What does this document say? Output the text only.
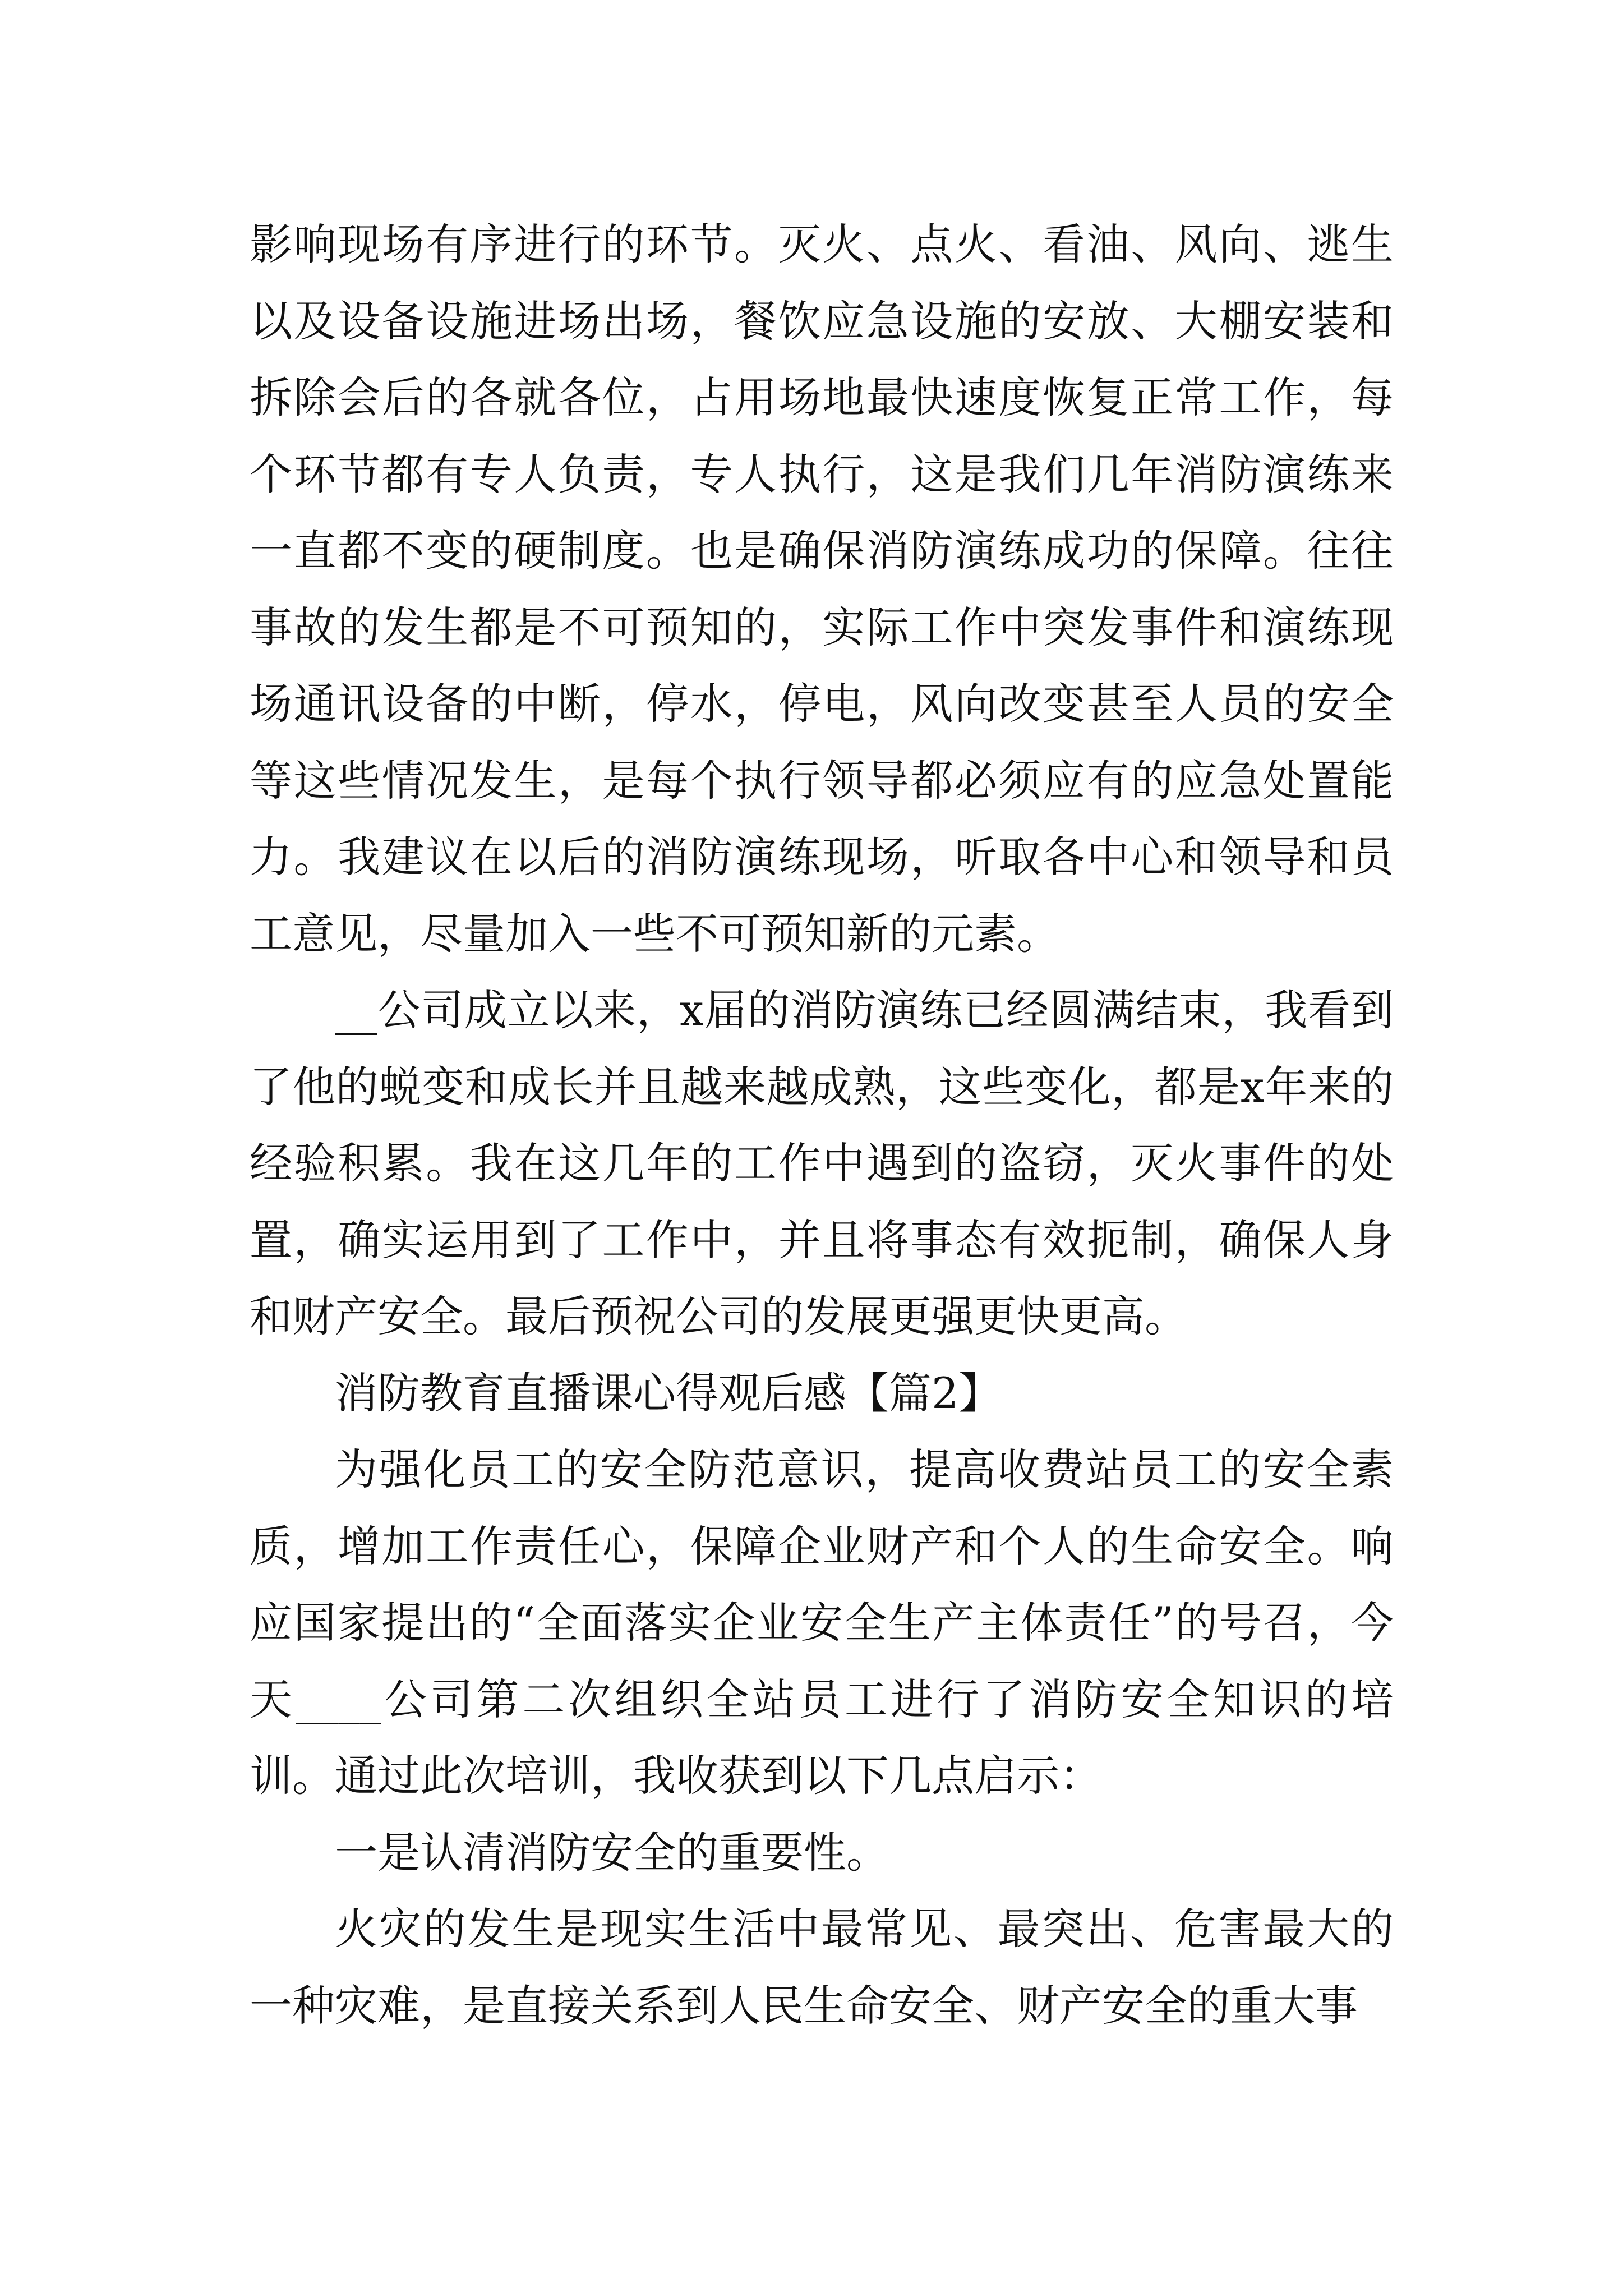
影响现场有序进行的环节。灭火、点火、看油、风向、逃生以及设备设施进场出场，餐饮应急设施的安放、大棚安装和拆除会后的各就各位，占用场地最快速度恢复正常工作，每个环节都有专人负责，专人执行，这是我们几年消防演练来一直都不变的硬制度。也是确保消防演练成功的保障。往往事故的发生都是不可预知的，实际工作中突发事件和演练现场通讯设备的中断，停水，停电，风向改变甚至人员的安全等这些情况发生，是每个执行领导都必须应有的应急处置能力。我建议在以后的消防演练现场，听取各中心和领导和员工意见，尽量加入一些不可预知新的元素。

__公司成立以来，x届的消防演练已经圆满结束，我看到了他的蜕变和成长并且越来越成熟，这些变化，都是x年来的经验积累。我在这几年的工作中遇到的盗窃，灭火事件的处置，确实运用到了工作中，并且将事态有效扼制，确保人身和财产安全。最后预祝公司的发展更强更快更高。

消防教育直播课心得观后感【篇2】

为强化员工的安全防范意识，提高收费站员工的安全素质，增加工作责任心，保障企业财产和个人的生命安全。响应国家提出的“全面落实企业安全生产主体责任”的号召，今天____公司第二次组织全站员工进行了消防安全知识的培训。通过此次培训，我收获到以下几点启示：

一是认清消防安全的重要性。

火灾的发生是现实生活中最常见、最突出、危害最大的一种灾难，是直接关系到人民生命安全、财产安全的重大事
